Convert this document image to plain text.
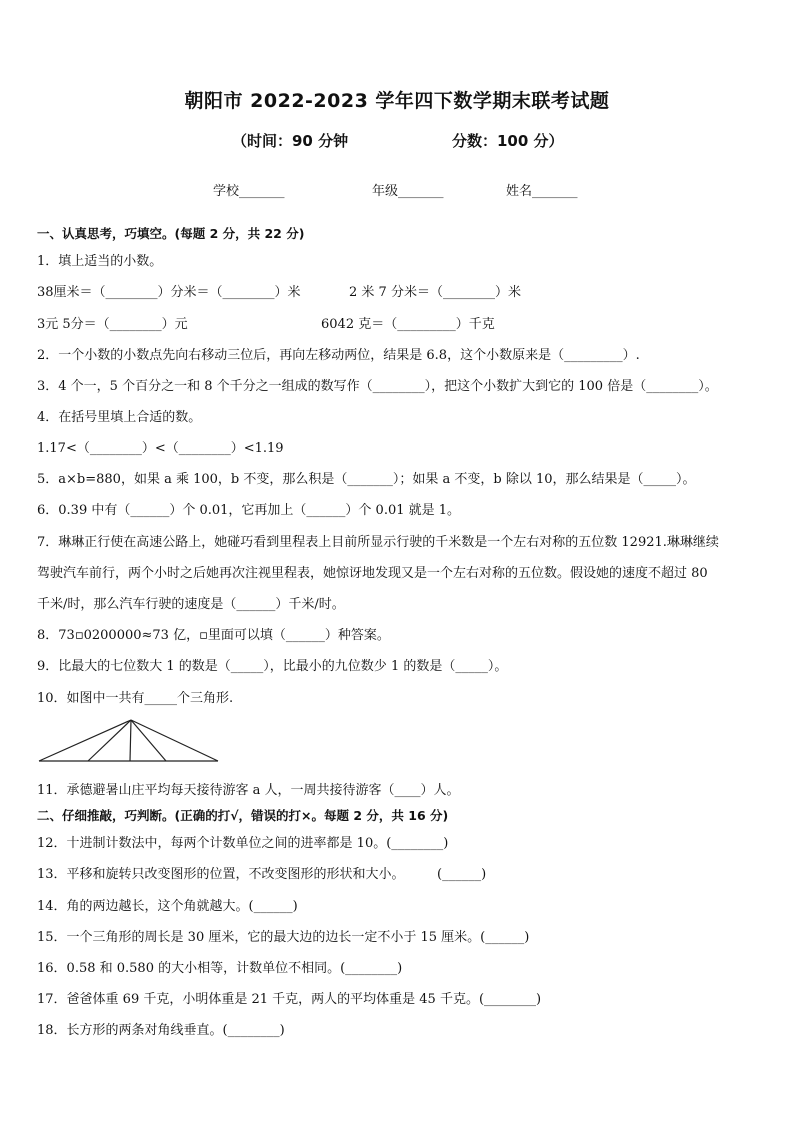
朝阳市 2022-2023 学年四下数学期末联考试题
（时间：90 分钟	分数：100 分）
学校_______	年级_______	姓名_______
一、认真思考，巧填空。(每题 2 分，共 22 分)
1．填上适当的小数。
38厘米＝（________）分米＝（________）米	2 米 7 分米＝（________）米
3元 5分＝（________）元	6042 克＝（_________）千克
2．一个小数的小数点先向右移动三位后，再向左移动两位，结果是 6.8，这个小数原来是（_________）.
3．4 个一，5 个百分之一和 8 个千分之一组成的数写作（________），把这个小数扩大到它的 100 倍是（________）。
4．在括号里填上合适的数。
1.17<（________）<（________）<1.19
5．a×b=880，如果 a 乘 100，b 不变，那么积是（_______）；如果 a 不变，b 除以 10，那么结果是（_____）。
6．0.39 中有（______）个 0.01，它再加上（______）个 0.01 就是 1。
7．琳琳正行使在高速公路上，她碰巧看到里程表上目前所显示行驶的千米数是一个左右对称的五位数 12921.琳琳继续
驾驶汽车前行，两个小时之后她再次注视里程表，她惊讶地发现又是一个左右对称的五位数。假设她的速度不超过 80
千米/时，那么汽车行驶的速度是（______）千米/时。
8．73▫0200000≈73 亿，▫里面可以填（______）种答案。
9．比最大的七位数大 1 的数是（_____），比最小的九位数少 1 的数是（_____）。
10．如图中一共有_____个三角形.
11．承德避暑山庄平均每天接待游客 a 人，一周共接待游客（____）人。
二、仔细推敲，巧判断。(正确的打√，错误的打×。每题 2 分，共 16 分)
12．十进制计数法中，每两个计数单位之间的进率都是 10。(________)
13．平移和旋转只改变图形的位置，不改变图形的形状和大小。　　　(______)
14．角的两边越长，这个角就越大。(______)
15．一个三角形的周长是 30 厘米，它的最大边的边长一定不小于 15 厘米。(______)
16．0.58 和 0.580 的大小相等，计数单位不相同。(________)
17．爸爸体重 69 千克，小明体重是 21 千克，两人的平均体重是 45 千克。(________)
18．长方形的两条对角线垂直。(________)
